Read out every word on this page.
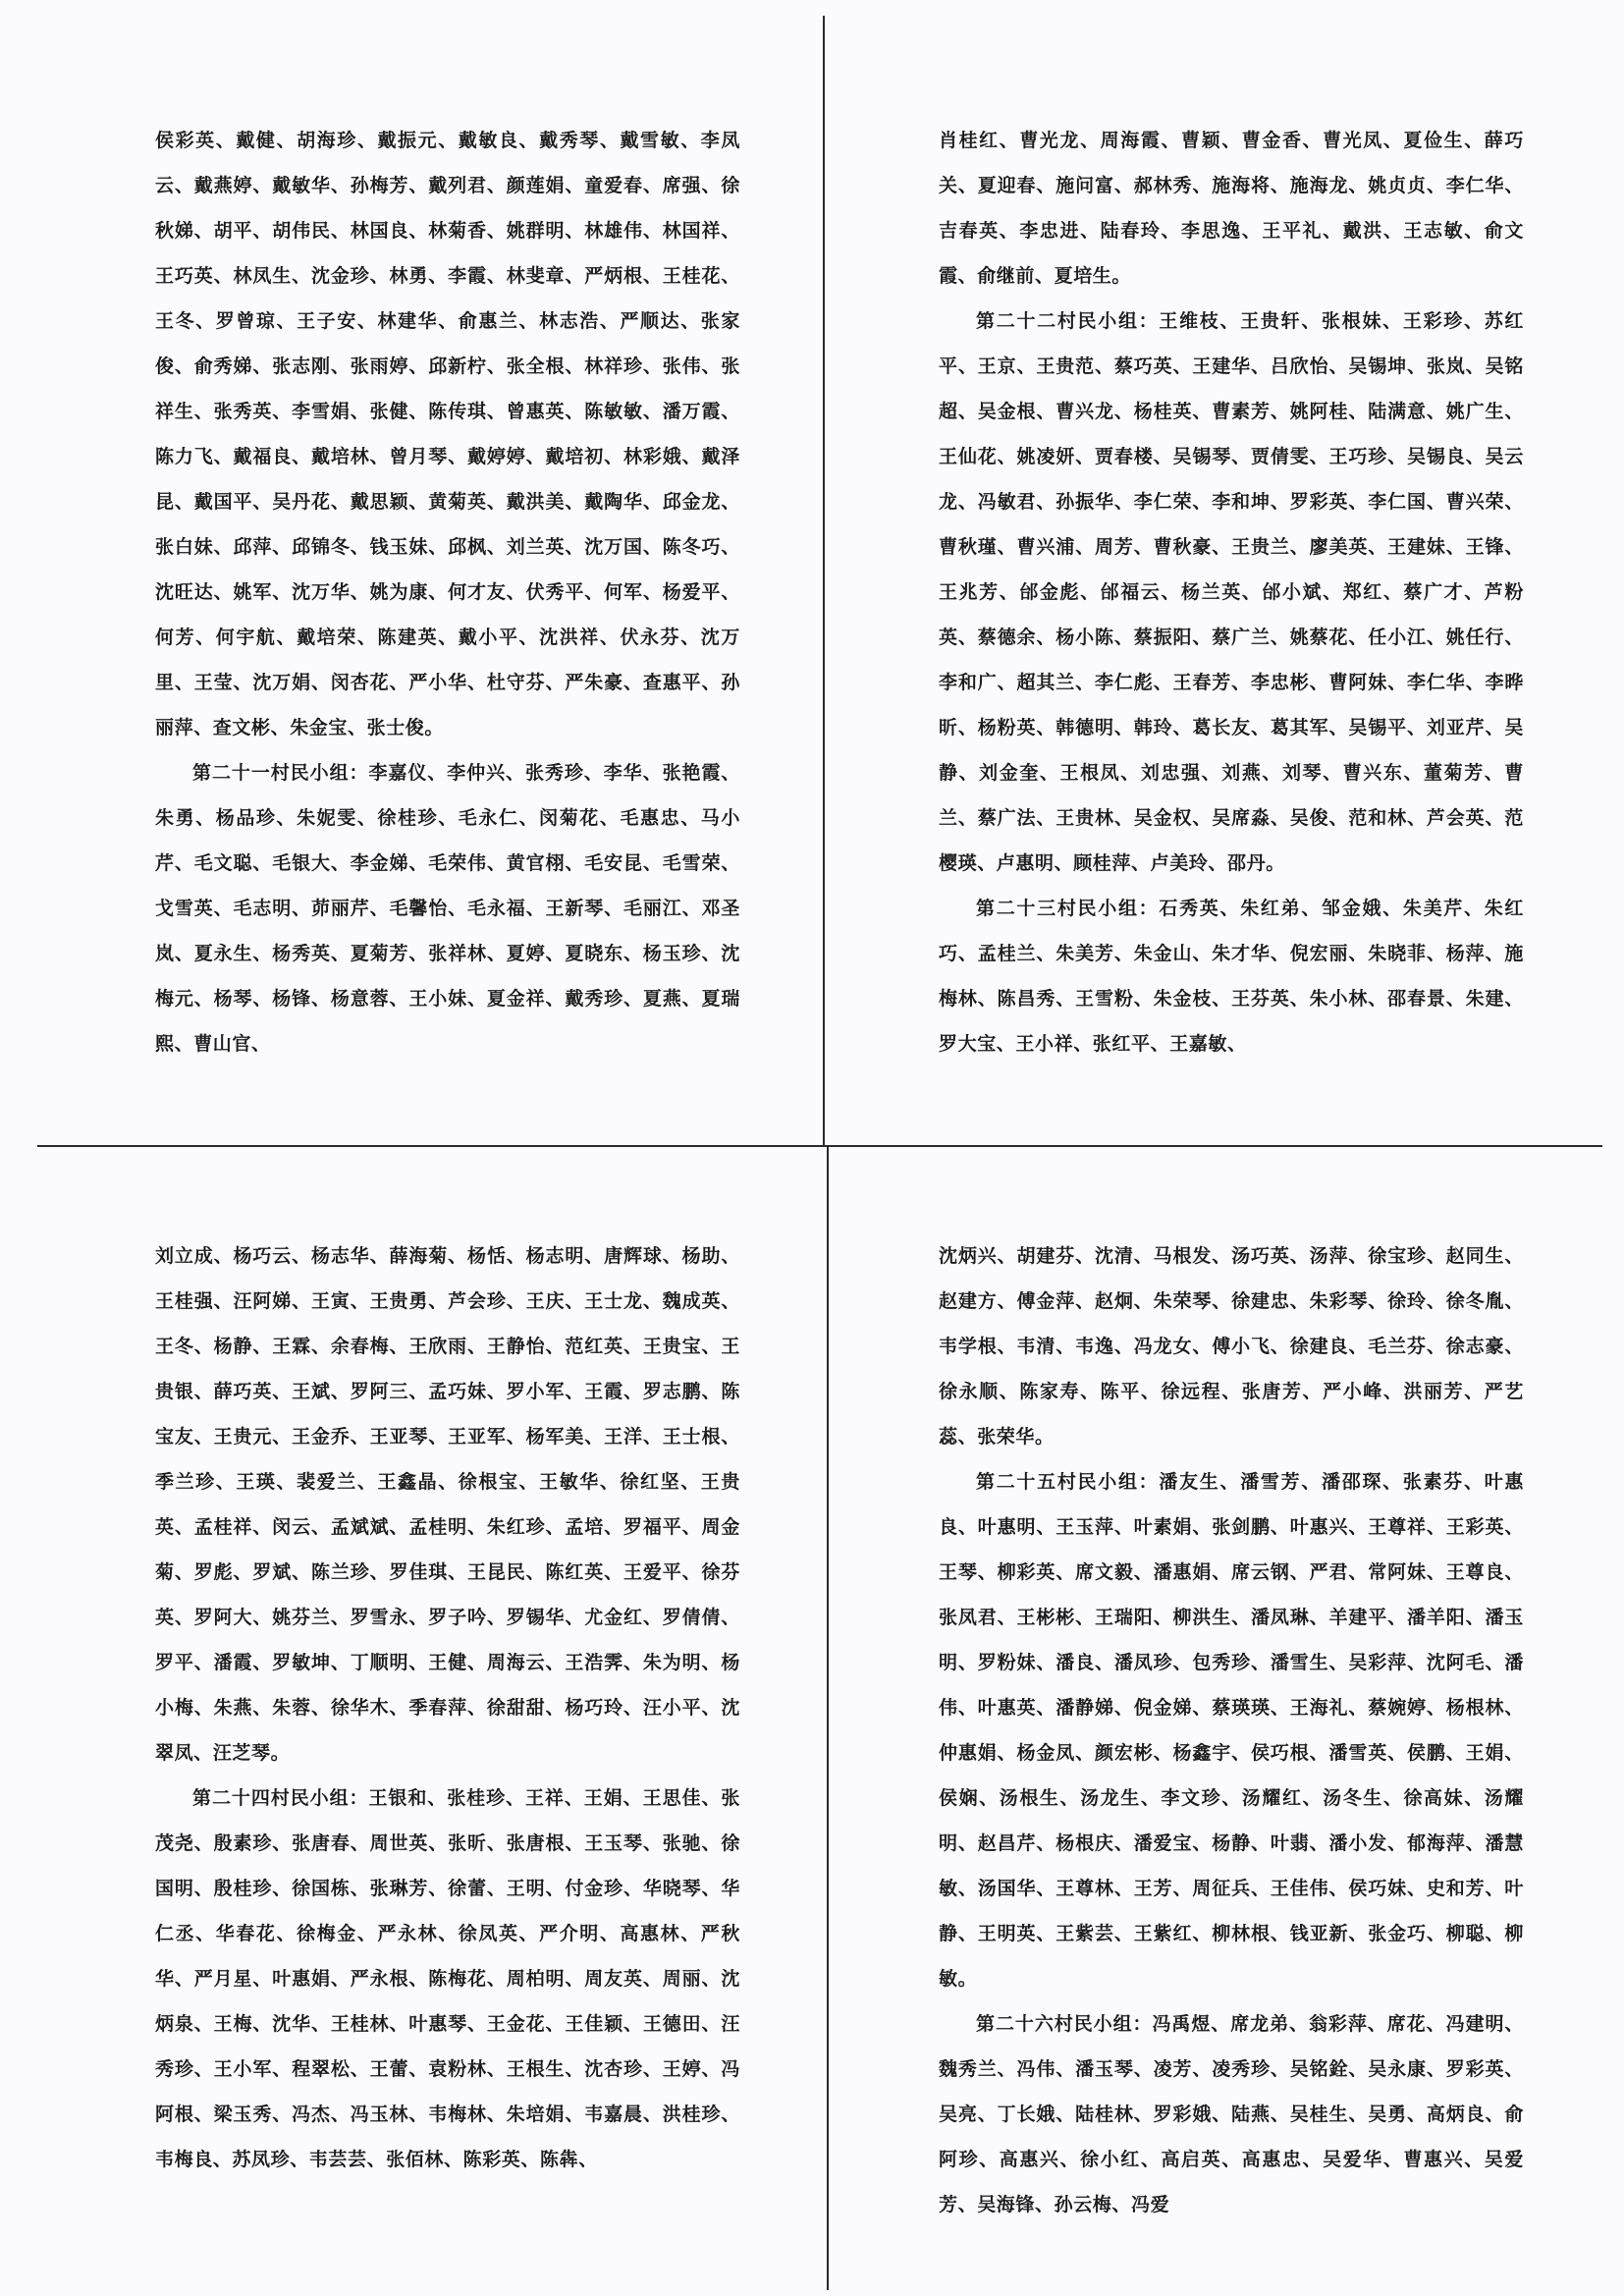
侯彩英、戴健、胡海珍、戴振元、戴敏良、戴秀琴、戴雪敏、李凤云、戴燕婷、戴敏华、孙梅芳、戴列君、颜莲娟、童爱春、席强、徐秋娣、胡平、胡伟民、林国良、林菊香、姚群明、林雄伟、林国祥、王巧英、林凤生、沈金珍、林勇、李霞、林斐章、严炳根、王桂花、王冬、罗曾琼、王子安、林建华、俞惠兰、林志浩、严顺达、张家俊、俞秀娣、张志刚、张雨婷、邱新柠、张全根、林祥珍、张伟、张祥生、张秀英、李雪娟、张健、陈传琪、曾惠英、陈敏敏、潘万霞、陈力飞、戴福良、戴培林、曾月琴、戴婷婷、戴培初、林彩娥、戴泽昆、戴国平、吴丹花、戴思颖、黄菊英、戴洪美、戴陶华、邱金龙、张白妹、邱萍、邱锦冬、钱玉妹、邱枫、刘兰英、沈万国、陈冬巧、沈旺达、姚军、沈万华、姚为康、何才友、伏秀平、何军、杨爱平、何芳、何宇航、戴培荣、陈建英、戴小平、沈洪祥、伏永芬、沈万里、王莹、沈万娟、闵杏花、严小华、杜守芬、严朱豪、查惠平、孙丽萍、查文彬、朱金宝、张士俊。

第二十一村民小组：李嘉仪、李仲兴、张秀珍、李华、张艳霞、朱勇、杨品珍、朱妮雯、徐桂珍、毛永仁、闵菊花、毛惠忠、马小芹、毛文聪、毛银大、李金娣、毛荣伟、黄官栩、毛安昆、毛雪荣、戈雪英、毛志明、茆丽芹、毛馨怡、毛永福、王新琴、毛丽江、邓圣岚、夏永生、杨秀英、夏菊芳、张祥林、夏婷、夏晓东、杨玉珍、沈梅元、杨琴、杨锋、杨意蓉、王小妹、夏金祥、戴秀珍、夏燕、夏瑞熙、曹山官、

肖桂红、曹光龙、周海霞、曹颖、曹金香、曹光凤、夏俭生、薛巧关、夏迎春、施问富、郝林秀、施海将、施海龙、姚贞贞、李仁华、吉春英、李忠进、陆春玲、李思逸、王平礼、戴洪、王志敏、俞文霞、俞继前、夏培生。

第二十二村民小组：王维枝、王贵轩、张根妹、王彩珍、苏红平、王京、王贵范、蔡巧英、王建华、吕欣怡、吴锡坤、张岚、吴铭超、吴金根、曹兴龙、杨桂英、曹素芳、姚阿桂、陆满意、姚广生、王仙花、姚凌妍、贾春楼、吴锡琴、贾倩雯、王巧珍、吴锡良、吴云龙、冯敏君、孙振华、李仁荣、李和坤、罗彩英、李仁国、曹兴荣、曹秋瑾、曹兴浦、周芳、曹秋豪、王贵兰、廖美英、王建妹、王锋、王兆芳、邰金彪、邰福云、杨兰英、邰小斌、郑红、蔡广才、芦粉英、蔡德余、杨小陈、蔡振阳、蔡广兰、姚蔡花、任小江、姚任行、李和广、超其兰、李仁彪、王春芳、李忠彬、曹阿妹、李仁华、李晔昕、杨粉英、韩德明、韩玲、葛长友、葛其军、吴锡平、刘亚芹、吴静、刘金奎、王根凤、刘忠强、刘燕、刘琴、曹兴东、董菊芳、曹兰、蔡广法、王贵林、吴金权、吴席淼、吴俊、范和林、芦会英、范樱瑛、卢惠明、顾桂萍、卢美玲、邵丹。

第二十三村民小组：石秀英、朱红弟、邹金娥、朱美芹、朱红巧、孟桂兰、朱美芳、朱金山、朱才华、倪宏丽、朱晓菲、杨萍、施梅林、陈昌秀、王雪粉、朱金枝、王芬英、朱小林、邵春景、朱建、罗大宝、王小祥、张红平、王嘉敏、

刘立成、杨巧云、杨志华、薛海菊、杨恬、杨志明、唐辉球、杨助、王桂强、汪阿娣、王寅、王贵勇、芦会珍、王庆、王士龙、魏成英、王冬、杨静、王霖、余春梅、王欣雨、王静怡、范红英、王贵宝、王贵银、薛巧英、王斌、罗阿三、孟巧妹、罗小军、王霞、罗志鹏、陈宝友、王贵元、王金乔、王亚琴、王亚军、杨军美、王洋、王士根、季兰珍、王瑛、裴爱兰、王鑫晶、徐根宝、王敏华、徐红坚、王贵英、孟桂祥、闵云、孟斌斌、孟桂明、朱红珍、孟培、罗福平、周金菊、罗彪、罗斌、陈兰珍、罗佳琪、王昆民、陈红英、王爱平、徐芬英、罗阿大、姚芬兰、罗雪永、罗子吟、罗锡华、尤金红、罗倩倩、罗平、潘霞、罗敏坤、丁顺明、王健、周海云、王浩霁、朱为明、杨小梅、朱燕、朱蓉、徐华木、季春萍、徐甜甜、杨巧玲、汪小平、沈翠凤、汪芝琴。

第二十四村民小组：王银和、张桂珍、王祥、王娟、王思佳、张茂尧、殷素珍、张唐春、周世英、张昕、张唐根、王玉琴、张驰、徐国明、殷桂珍、徐国栋、张琳芳、徐蕾、王明、付金珍、华晓琴、华仁丞、华春花、徐梅金、严永林、徐凤英、严介明、高惠林、严秋华、严月星、叶惠娟、严永根、陈梅花、周柏明、周友英、周丽、沈炳泉、王梅、沈华、王桂林、叶惠琴、王金花、王佳颖、王德田、汪秀珍、王小军、程翠松、王蕾、袁粉林、王根生、沈杏珍、王婷、冯阿根、梁玉秀、冯杰、冯玉林、韦梅林、朱培娟、韦嘉晨、洪桂珍、韦梅良、苏凤珍、韦芸芸、张佰林、陈彩英、陈犇、

沈炳兴、胡建芬、沈清、马根发、汤巧英、汤萍、徐宝珍、赵同生、赵建方、傅金萍、赵炯、朱荣琴、徐建忠、朱彩琴、徐玲、徐冬胤、韦学根、韦清、韦逸、冯龙女、傅小飞、徐建良、毛兰芬、徐志豪、徐永顺、陈家寿、陈平、徐远程、张唐芳、严小峰、洪丽芳、严艺蕊、张荣华。

第二十五村民小组：潘友生、潘雪芳、潘邵琛、张素芬、叶惠良、叶惠明、王玉萍、叶素娟、张剑鹏、叶惠兴、王尊祥、王彩英、王琴、柳彩英、席文毅、潘惠娟、席云钢、严君、常阿妹、王尊良、张凤君、王彬彬、王瑞阳、柳洪生、潘凤琳、羊建平、潘羊阳、潘玉明、罗粉妹、潘良、潘凤珍、包秀珍、潘雪生、吴彩萍、沈阿毛、潘伟、叶惠英、潘静娣、倪金娣、蔡瑛瑛、王海礼、蔡婉婷、杨根林、仲惠娟、杨金凤、颜宏彬、杨鑫宇、侯巧根、潘雪英、侯鹏、王娟、侯娴、汤根生、汤龙生、李文珍、汤耀红、汤冬生、徐高妹、汤耀明、赵昌芹、杨根庆、潘爱宝、杨静、叶翡、潘小发、郁海萍、潘慧敏、汤国华、王尊林、王芳、周征兵、王佳伟、侯巧妹、史和芳、叶静、王明英、王紫芸、王紫红、柳林根、钱亚新、张金巧、柳聪、柳敏。

第二十六村民小组：冯禹煜、席龙弟、翁彩萍、席花、冯建明、魏秀兰、冯伟、潘玉琴、凌芳、凌秀珍、吴铭銓、吴永康、罗彩英、吴亮、丁长娥、陆桂林、罗彩娥、陆燕、吴桂生、吴勇、高炳良、俞阿珍、高惠兴、徐小红、高启英、高惠忠、吴爱华、曹惠兴、吴爱芳、吴海锋、孙云梅、冯爱
